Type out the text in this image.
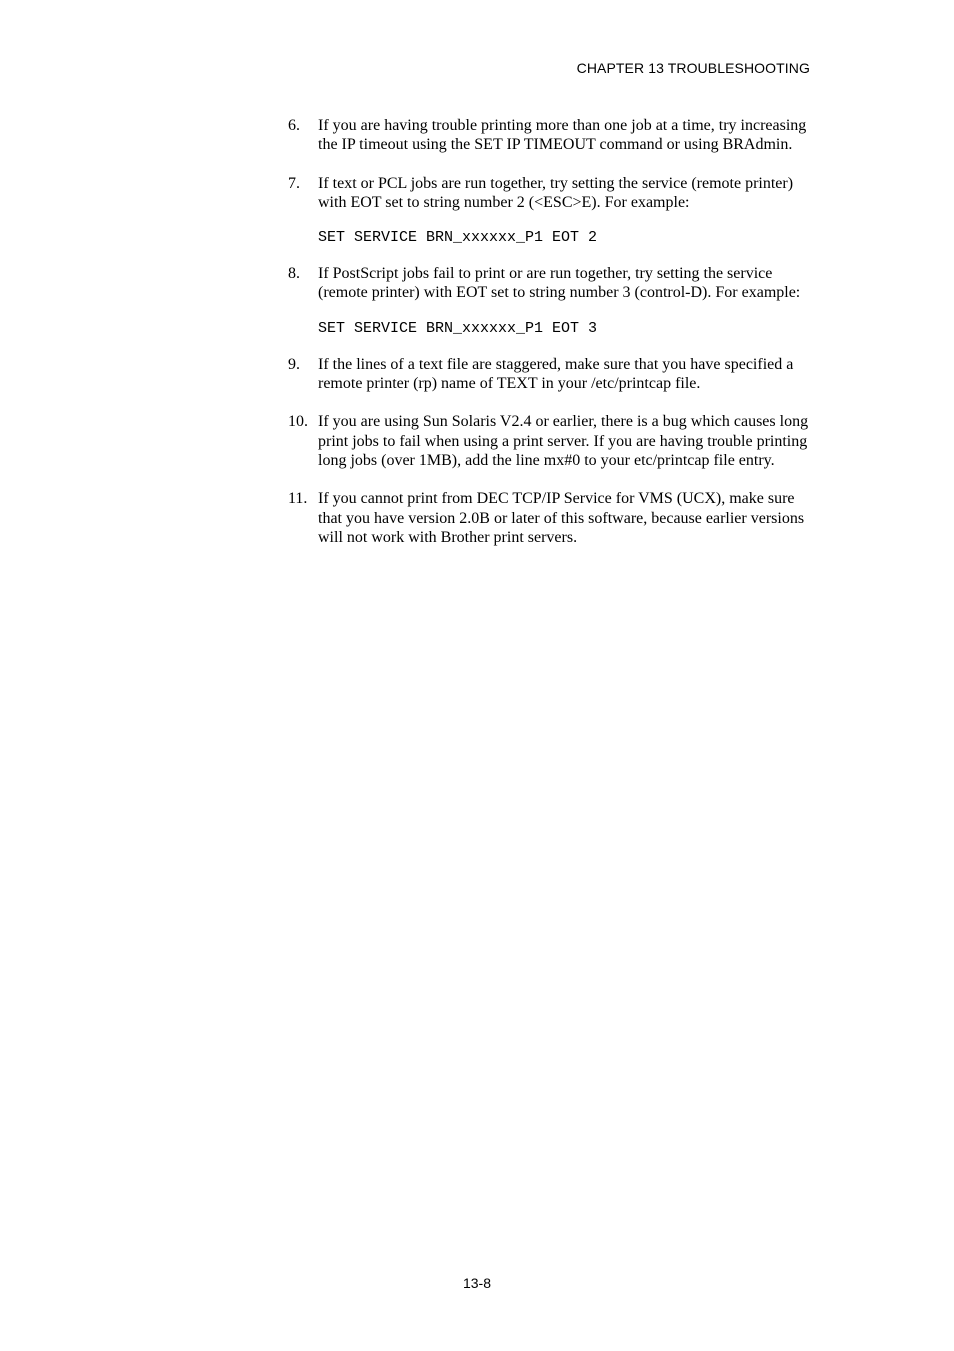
CHAPTER 13 TROUBLESHOOTING
6. If you are having trouble printing more than one job at a time, try increasing the IP timeout using the SET IP TIMEOUT command or using BRAdmin.
7. If text or PCL jobs are run together, try setting the service (remote printer) with EOT set to string number 2 (<ESC>E). For example:
SET SERVICE BRN_xxxxxx_P1 EOT 2
8. If PostScript jobs fail to print or are run together, try setting the service (remote printer) with EOT set to string number 3 (control-D). For example:
SET SERVICE BRN_xxxxxx_P1 EOT 3
9. If the lines of a text file are staggered, make sure that you have specified a remote printer (rp) name of TEXT in your /etc/printcap file.
10. If you are using Sun Solaris V2.4 or earlier, there is a bug which causes long print jobs to fail when using a print server. If you are having trouble printing long jobs (over 1MB), add the line mx#0 to your etc/printcap file entry.
11. If you cannot print from DEC TCP/IP Service for VMS (UCX), make sure that you have version 2.0B or later of this software, because earlier versions will not work with Brother print servers.
13-8
